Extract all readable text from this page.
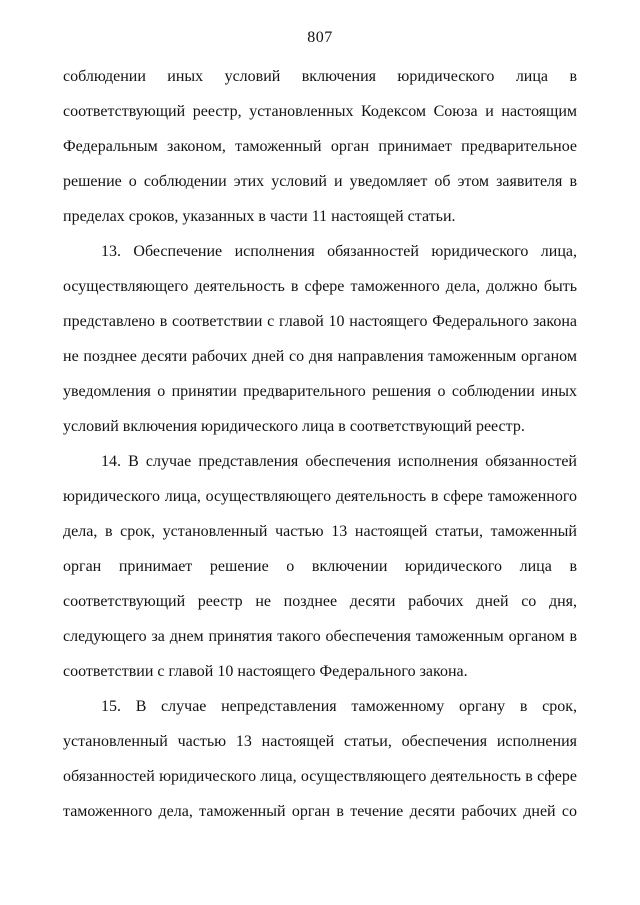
807

соблюдении иных условий включения юридического лица в соответствующий реестр, установленных Кодексом Союза и настоящим Федеральным законом, таможенный орган принимает предварительное решение о соблюдении этих условий и уведомляет об этом заявителя в пределах сроков, указанных в части 11 настоящей статьи.

13. Обеспечение исполнения обязанностей юридического лица, осуществляющего деятельность в сфере таможенного дела, должно быть представлено в соответствии с главой 10 настоящего Федерального закона не позднее десяти рабочих дней со дня направления таможенным органом уведомления о принятии предварительного решения о соблюдении иных условий включения юридического лица в соответствующий реестр.

14. В случае представления обеспечения исполнения обязанностей юридического лица, осуществляющего деятельность в сфере таможенного дела, в срок, установленный частью 13 настоящей статьи, таможенный орган принимает решение о включении юридического лица в соответствующий реестр не позднее десяти рабочих дней со дня, следующего за днем принятия такого обеспечения таможенным органом в соответствии с главой 10 настоящего Федерального закона.

15. В случае непредставления таможенному органу в срок, установленный частью 13 настоящей статьи, обеспечения исполнения обязанностей юридического лица, осуществляющего деятельность в сфере таможенного дела, таможенный орган в течение десяти рабочих дней со
